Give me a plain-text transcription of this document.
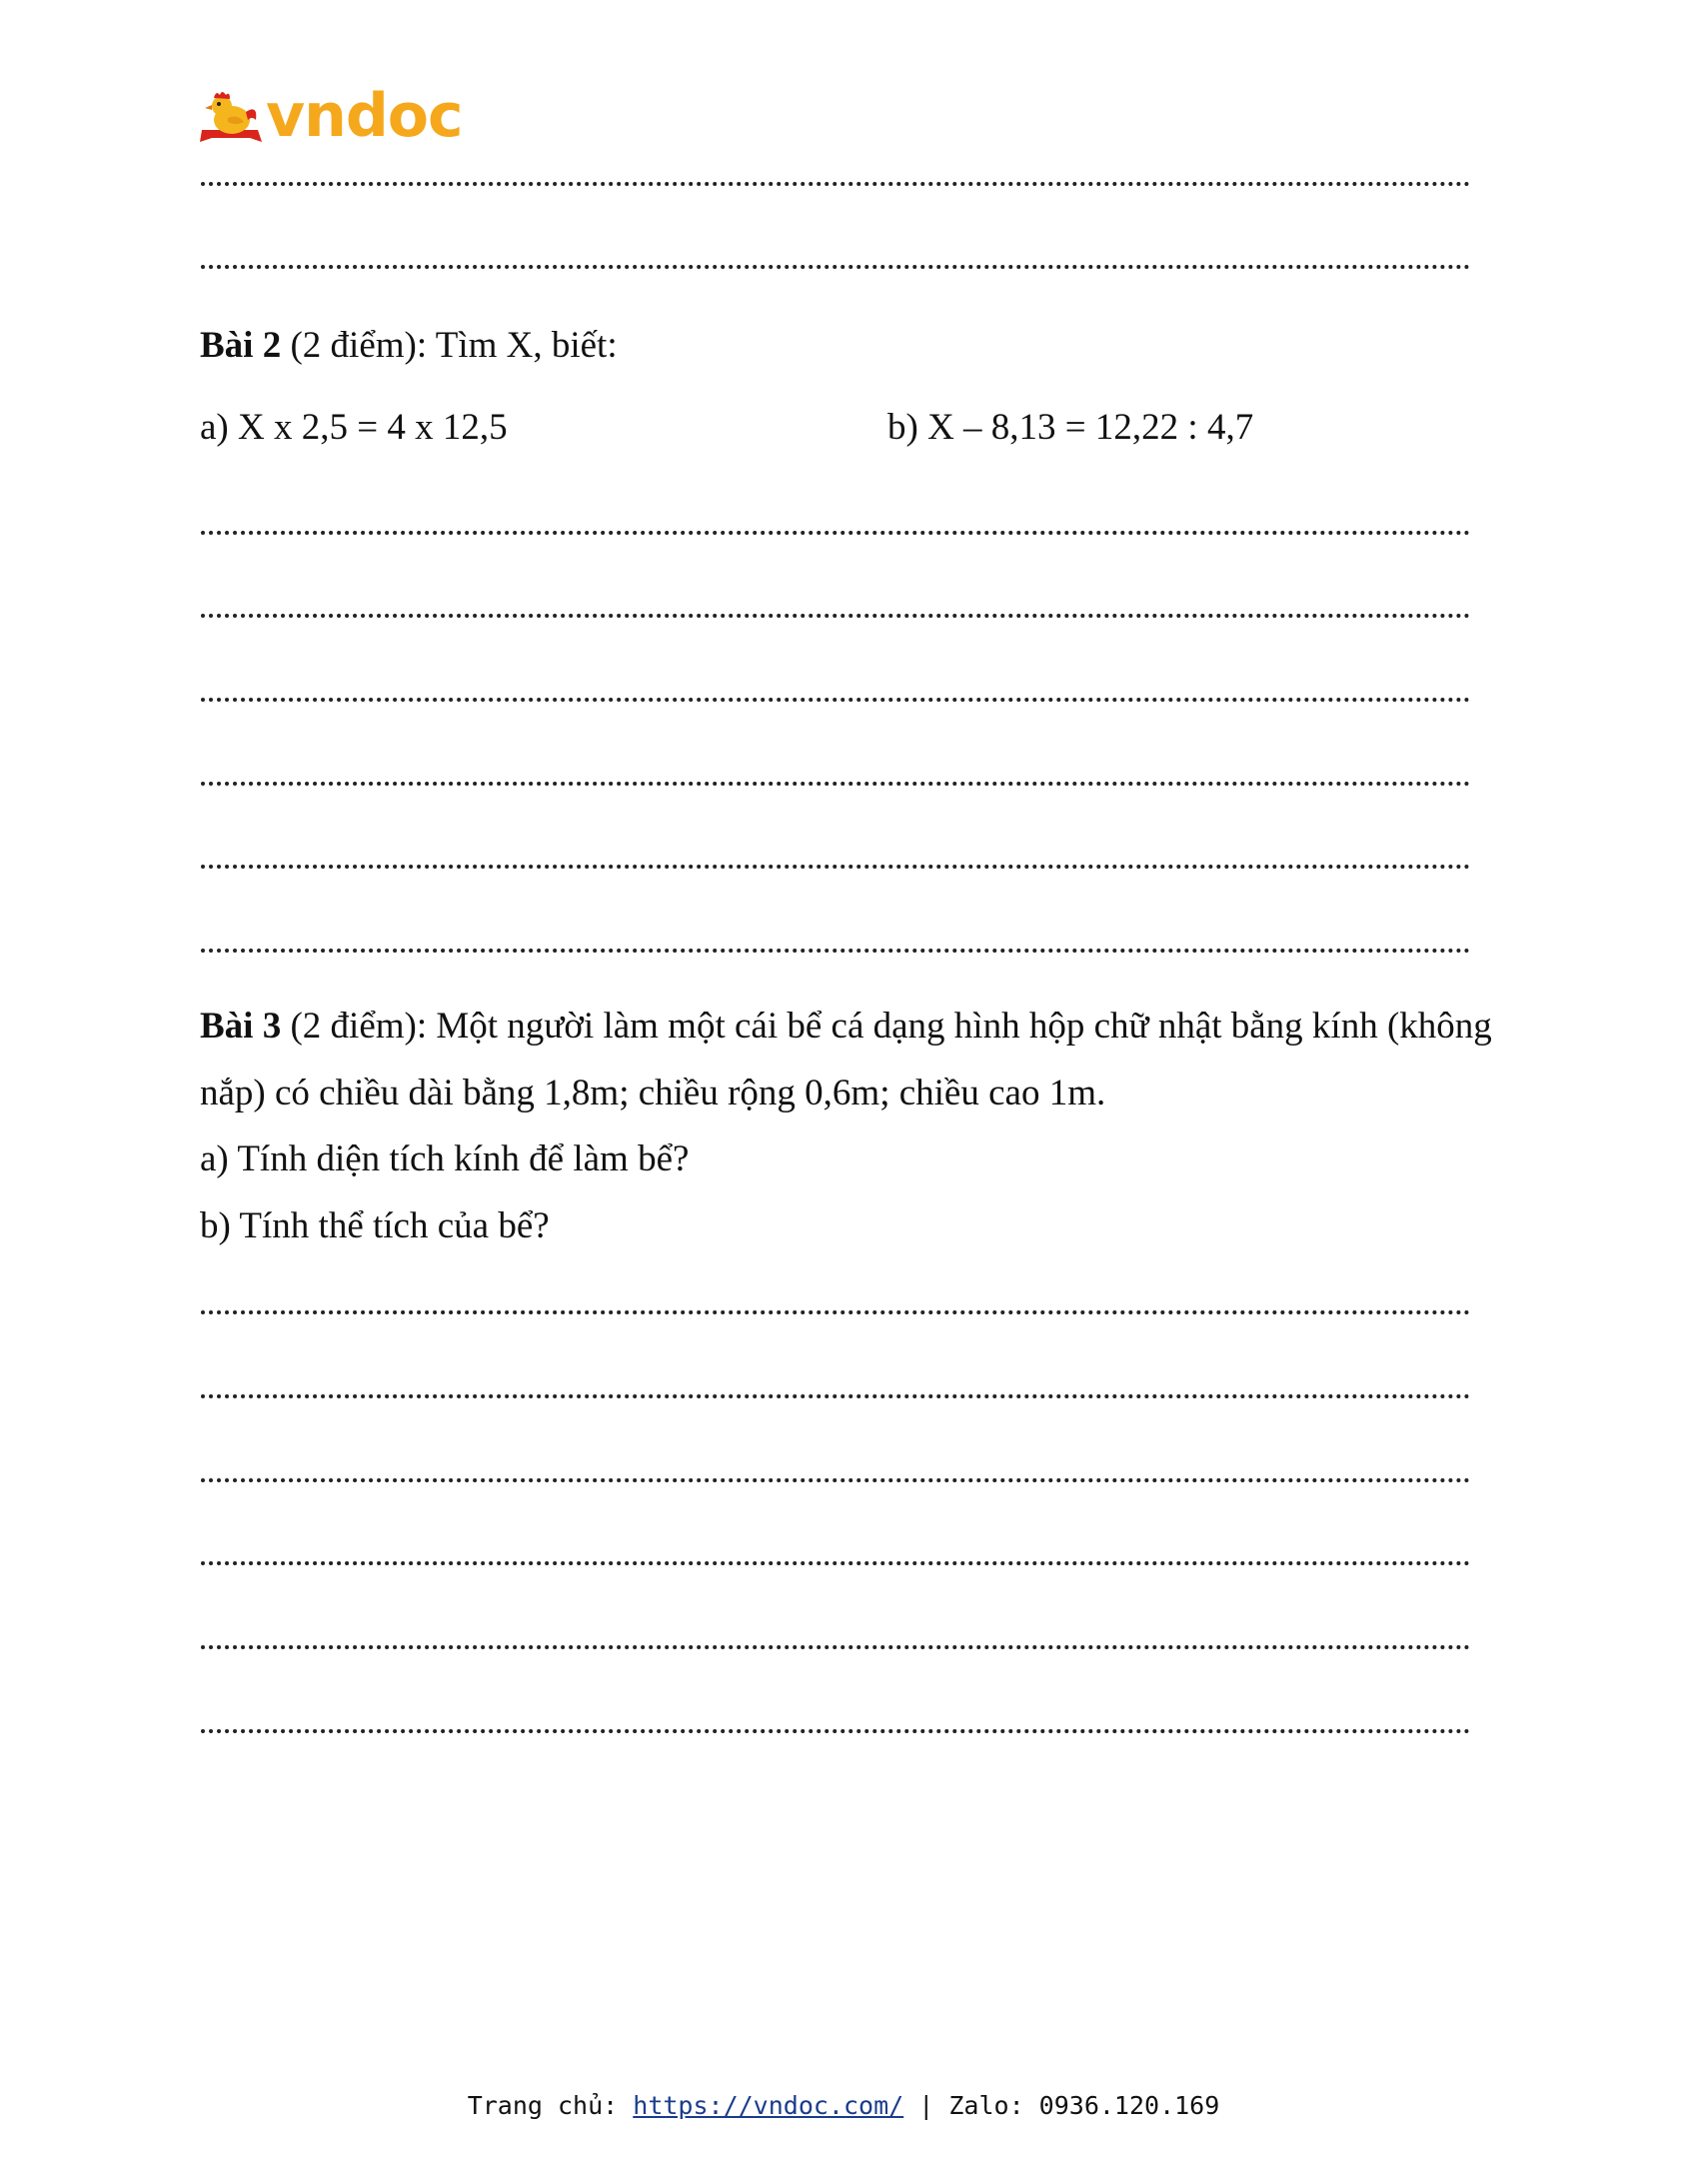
vndoc
Bài 2 (2 điểm): Tìm X, biết:
a) X x 2,5 = 4 x 12,5	b) X – 8,13 = 12,22 : 4,7
Bài 3 (2 điểm): Một người làm một cái bể cá dạng hình hộp chữ nhật bằng kính (không
nắp) có chiều dài bằng 1,8m; chiều rộng 0,6m; chiều cao 1m.
a) Tính diện tích kính để làm bể?
b) Tính thể tích của bể?
Trang chủ: https://vndoc.com/ | Zalo: 0936.120.169
